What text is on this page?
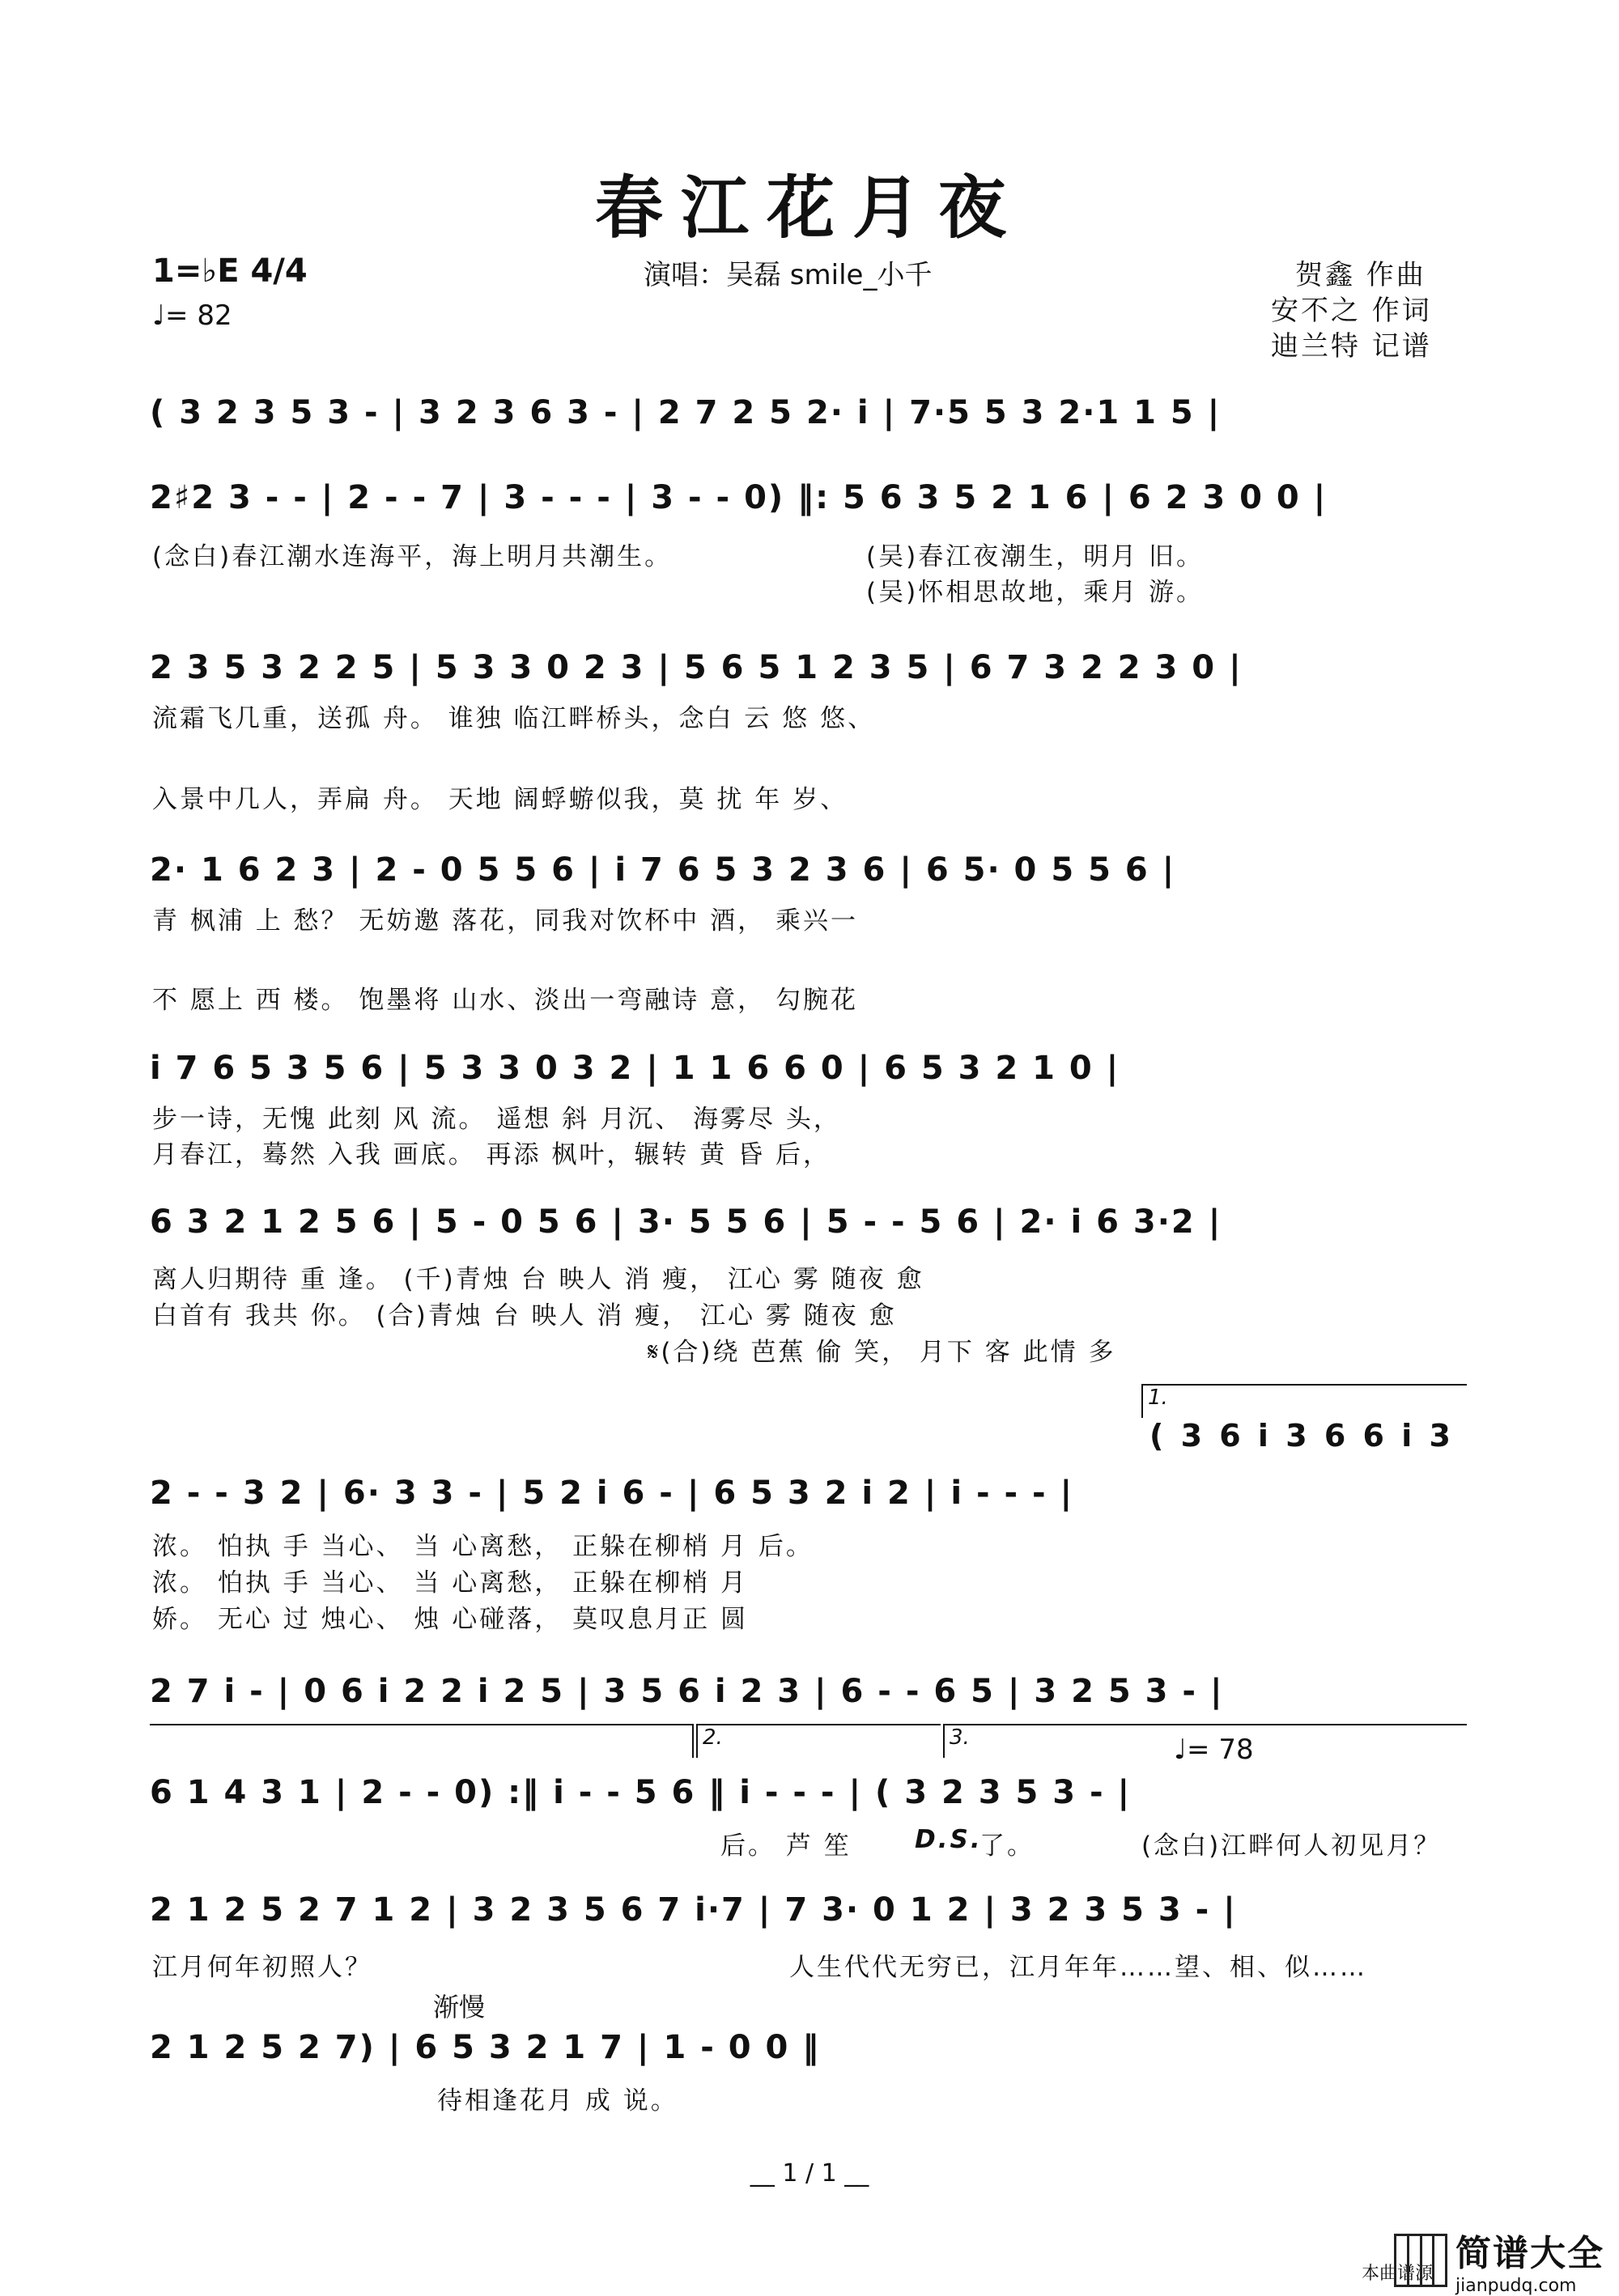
春江花月夜
1=♭E 4/4
♩= 82
演唱：吴磊 smile_小千	贺鑫 作曲
安不之 作词
迪兰特 记谱
( 3 2 3 5 3 - | 3 2 3 6 3 - | 2 7 2 5 2· i | 7·5 5 3 2·1 1 5 |
2♯2 3 - - | 2 - - 7 | 3 - - - | 3 - - 0) ‖: 5 6 3 5 2 1 6 | 6 2 3 0 0 |
(念白)春江潮水连海平，海上明月共潮生。	(吴)春江夜潮生，明月 旧。
(吴)怀相思故地，乘月 游。
2 3 5 3 2 2 5 | 5 3 3 0 2 3 | 5 6 5 1 2 3 5 | 6 7 3 2 2 3 0 |
流霜飞几重，送孤 舟。 谁独 临江畔桥头，念白 云 悠 悠、
入景中几人，弄扁 舟。 天地 阔蜉蝣似我，莫 扰 年 岁、
2· 1 6 2 3 | 2 - 0 5 5 6 | i 7 6 5 3 2 3 6 | 6 5· 0 5 5 6 |
青 枫浦 上 愁？ 无妨邀 落花，同我对饮杯中 酒， 乘兴一
不 愿上 西 楼。 饱墨将 山水、淡出一弯融诗 意， 勾腕花
i 7 6 5 3 5 6 | 5 3 3 0 3 2 | 1 1 6 6 0 | 6 5 3 2 1 0 |
步一诗，无愧 此刻 风 流。 遥想 斜 月沉、 海雾尽 头，
月春江，蓦然 入我 画底。 再添 枫叶，辗转 黄 昏 后，
6 3 2 1 2 5 6 | 5 - 0 5 6 | 3· 5 5 6 | 5 - - 5 6 | 2· i 6 3·2 |
离人归期待 重 逢。 (千)青烛 台 映人 消 瘦， 江心 雾 随夜 愈
白首有 我共 你。 (合)青烛 台 映人 消 瘦， 江心 雾 随夜 愈
𝄋(合)绕 芭蕉 偷 笑， 月下 客 此情 多
1.
( 3 6 i 3 6 6 i 3
2 - - 3 2 | 6· 3 3 - | 5 2 i 6 - | 6 5 3 2 i 2 | i - - - |
浓。 怕执 手 当心、 当 心离愁， 正躲在柳梢 月 后。
浓。 怕执 手 当心、 当 心离愁， 正躲在柳梢 月
娇。 无心 过 烛心、 烛 心碰落， 莫叹息月正 圆
2 7 i - | 0 6 i 2 2 i 2 5 | 3 5 6 i 2 3 | 6 - - 6 5 | 3 2 5 3 - |
2.	3.	♩= 78
6 1 4 3 1 | 2 - - 0) :‖ i - - 5 6 ‖ i - - - | ( 3 2 3 5 3 - |
后。 芦 笙	D.S.
了。	(念白)江畔何人初见月？
2 1 2 5 2 7 1 2 | 3 2 3 5 6 7 i·7 | 7 3· 0 1 2 | 3 2 3 5 3 - |
江月何年初照人？	人生代代无穷已，江月年年……望、相、似……
渐慢
2 1 2 5 2 7) | 6 5 3 2 1 7 | 1 - 0 0 ‖
待相逢花月 成 说。
__ 1 / 1 __
本曲谱源 简谱大全
jianpudq.com
